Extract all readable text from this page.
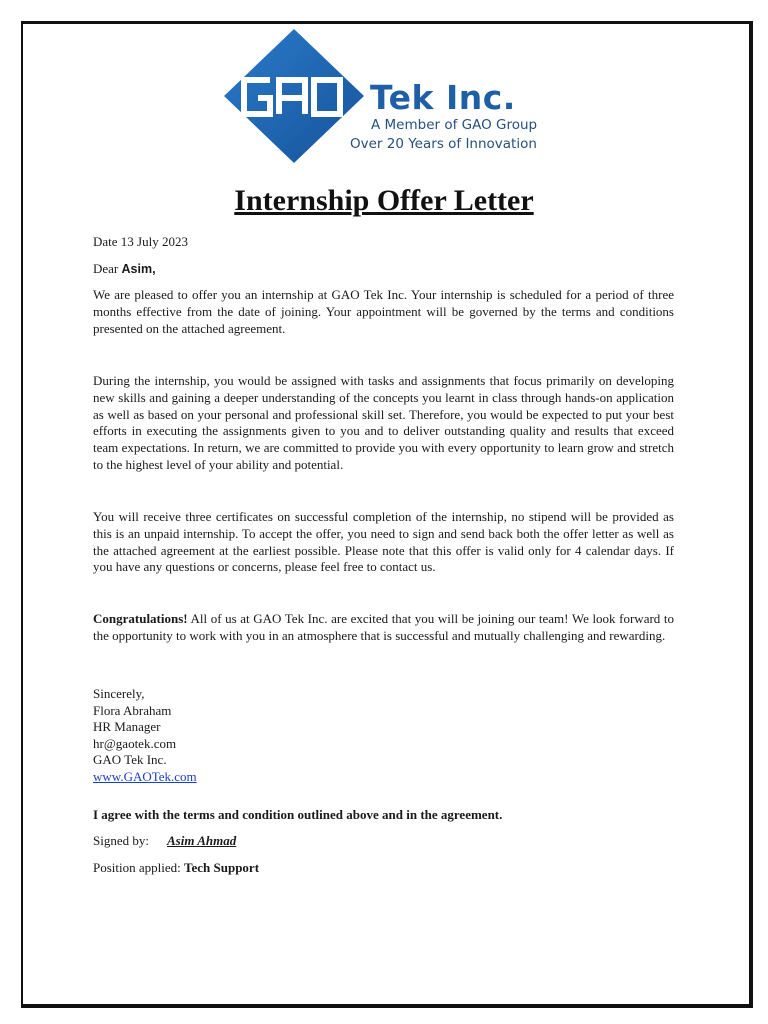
Tek Inc.
A Member of GAO Group
Over 20 Years of Innovation
Internship Offer Letter
Date 13 July 2023
Dear Asim,

We are pleased to offer you an internship at GAO Tek Inc. Your internship is scheduled for a period of three months effective from the date of joining. Your appointment will be governed by the terms and conditions presented on the attached agreement.

During the internship, you would be assigned with tasks and assignments that focus primarily on developing new skills and gaining a deeper understanding of the concepts you learnt in class through hands-on application as well as based on your personal and professional skill set. Therefore, you would be expected to put your best efforts in executing the assignments given to you and to deliver outstanding quality and results that exceed team expectations. In return, we are committed to provide you with every opportunity to learn grow and stretch to the highest level of your ability and potential.

You will receive three certificates on successful completion of the internship, no stipend will be provided as this is an unpaid internship. To accept the offer, you need to sign and send back both the offer letter as well as the attached agreement at the earliest possible. Please note that this offer is valid only for 4 calendar days. If you have any questions or concerns, please feel free to contact us.

Congratulations! All of us at GAO Tek Inc. are excited that you will be joining our team! We look forward to the opportunity to work with you in an atmosphere that is successful and mutually challenging and rewarding.

Sincerely,
Flora Abraham
HR Manager
hr@gaotek.com
GAO Tek Inc.
www.GAOTek.com
I agree with the terms and condition outlined above and in the agreement.
Signed by: Asim Ahmad
Position applied: Tech Support
